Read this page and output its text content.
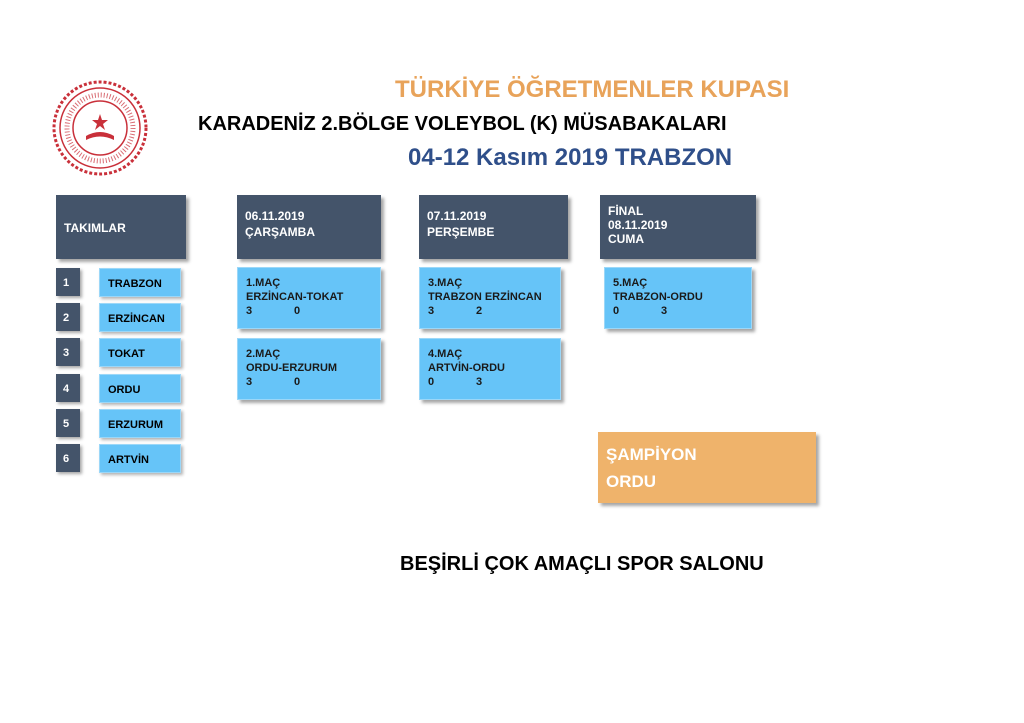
TÜRKİYE ÖĞRETMENLER KUPASI
KARADENİZ 2.BÖLGE VOLEYBOL (K) MÜSABAKALARI
04-12 Kasım 2019 TRABZON
TAKIMLAR
06.11.2019
ÇARŞAMBA
07.11.2019
PERŞEMBE
FİNAL
08.11.2019
CUMA
1	TRABZON
2	ERZİNCAN
3	TOKAT
4	ORDU
5	ERZURUM
6	ARTVİN
1.MAÇ
ERZİNCAN-TOKAT
3	0
2.MAÇ
ORDU-ERZURUM
3	0
3.MAÇ
TRABZON ERZİNCAN
3	2
4.MAÇ
ARTVİN-ORDU
0	3
5.MAÇ
TRABZON-ORDU
0	3
ŞAMPİYON
ORDU
BEŞİRLİ ÇOK AMAÇLI SPOR SALONU
